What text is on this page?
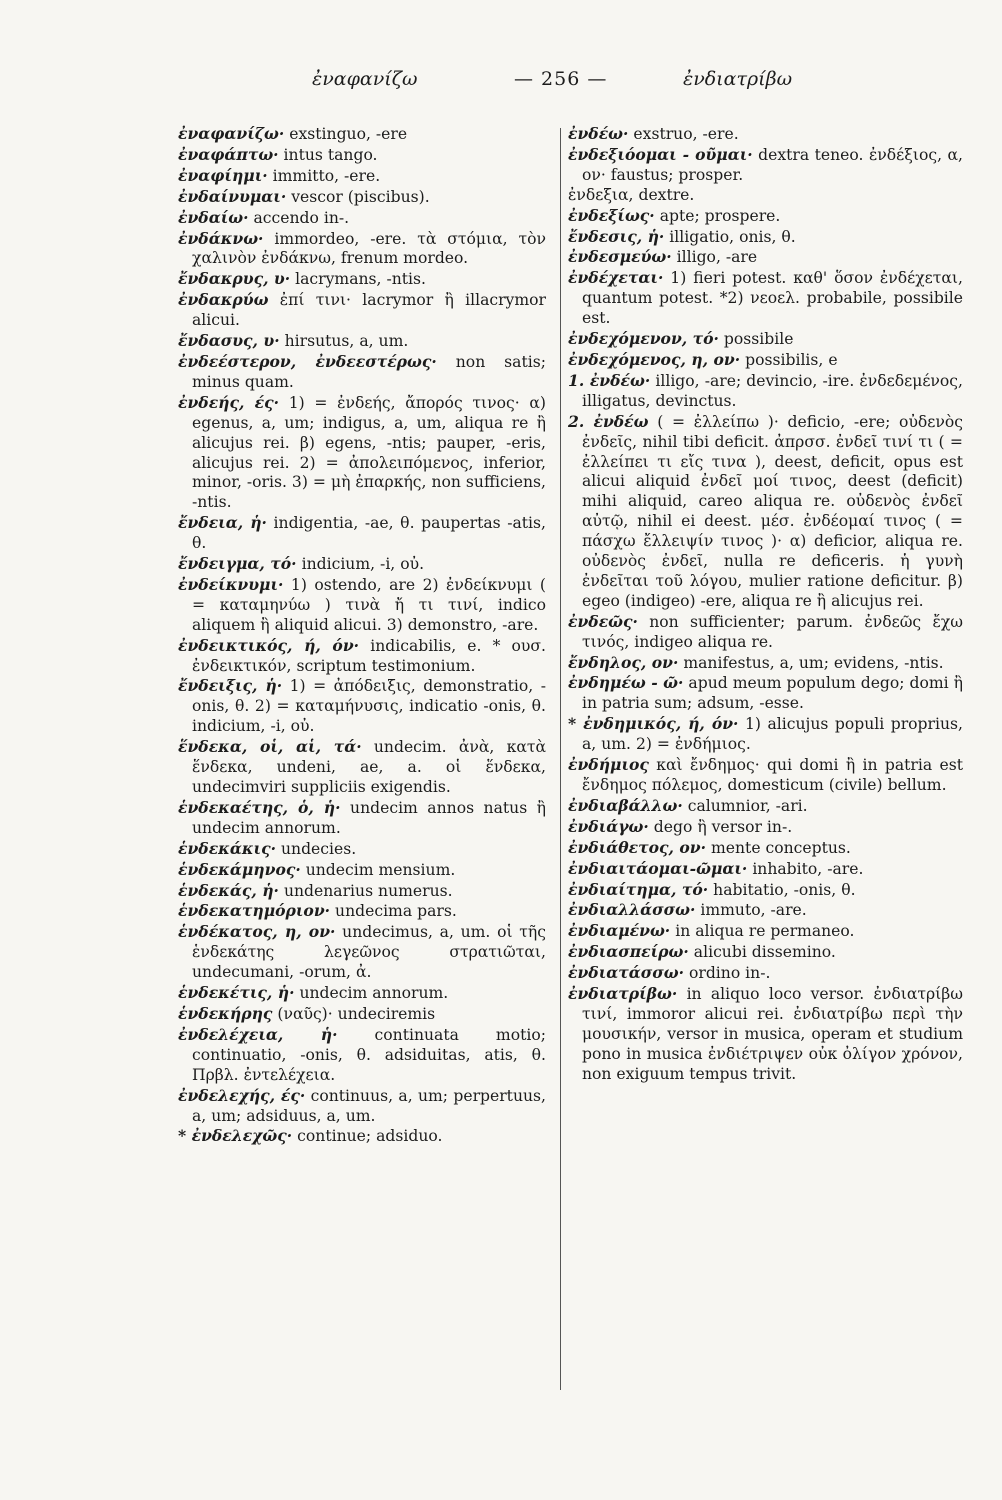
ἐναφανίζω	— 256 —	ἐνδιατρίβω

ἐναφανίζω· exstinguo, -ere

ἐναφάπτω· intus tango.

ἐναφίημι· immitto, -ere.

ἐνδαίνυμαι· vescor (piscibus).

ἐνδαίω· accendo in-.

ἐνδάκνω· immordeo, -ere. τὰ στόμια, τὸν χαλινὸν ἐνδάκνω, frenum mordeo.

ἔνδακρυς, υ· lacrymans, -ntis.

ἐνδακρύω ἐπί τινι· lacrymor ἢ illacrymor alicui.

ἔνδασυς, υ· hirsutus, a, um.

ἐνδεέστερον, ἐνδεεστέρως· non satis; minus quam.

ἐνδεής, ές· 1) = ἐνδεής, ἄπορός τινος· α) egenus, a, um; indigus, a, um, aliqua re ἢ alicujus rei. β) egens, -ntis; pauper, -eris, alicujus rei. 2) = ἀπολειπόμενος, inferior, minor, -oris. 3) = μὴ ἐπαρκής, non sufficiens, -ntis.

ἔνδεια, ἡ· indigentia, -ae, θ. paupertas -atis, θ.

ἔνδειγμα, τό· indicium, -i, οὐ.

ἐνδείκνυμι· 1) ostendo, are 2) ἐνδείκνυμι ( = καταμηνύω ) τινὰ ἤ τι τινί, indico aliquem ἢ aliquid alicui. 3) demonstro, -are.

ἐνδεικτικός, ή, όν· indicabilis, e. * ουσ. ἐνδεικτικόν, scriptum testimonium.

ἔνδειξις, ἡ· 1) = ἀπόδειξις, demonstratio, -onis, θ. 2) = καταμήνυσις, indicatio -onis, θ. indicium, -i, οὐ.

ἕνδεκα, οἱ, αἱ, τά· undecim. ἀνὰ, κατὰ ἕνδεκα, undeni, ae, a. οἱ ἕνδεκα, undecimviri suppliciis exigendis.

ἑνδεκαέτης, ὁ, ἡ· undecim annos natus ἢ undecim annorum.

ἑνδεκάκις· undecies.

ἑνδεκάμηνος· undecim mensium.

ἑνδεκάς, ἡ· undenarius numerus.

ἑνδεκατημόριον· undecima pars.

ἑνδέκατος, η, ον· undecimus, a, um. οἱ τῆς ἑνδεκάτης λεγεῶνος στρατιῶται, undecumani, -orum, ἀ.

ἑνδεκέτις, ἡ· undecim annorum.

ἑνδεκήρης (ναῦς)· undeciremis

ἐνδελέχεια, ἡ· continuata motio; continuatio, -onis, θ. adsiduitas, atis, θ. Πρβλ. ἐντελέχεια.

ἐνδελεχής, ές· continuus, a, um; perpertuus, a, um; adsiduus, a, um.

* ἐνδελεχῶς· continue; adsiduo.

ἐνδέω· exstruo, -ere.

ἐνδεξιόομαι - οῦμαι· dextra teneo. ἐνδέξιος, α, ον· faustus; prosper.

ἐνδεξια, dextre.

ἐνδεξίως· apte; prospere.

ἔνδεσις, ἡ· illigatio, onis, θ.

ἐνδεσμεύω· illigo, -are

ἐνδέχεται· 1) fieri potest. καθ' ὅσον ἐνδέχεται, quantum potest. *2) νεοελ. probabile, possibile est.

ἐνδεχόμενον, τό· possibile

ἐνδεχόμενος, η, ον· possibilis, e

1. ἐνδέω· illigo, -are; devincio, -ire. ἐνδεδεμένος, illigatus, devinctus.

2. ἐνδέω ( = ἐλλείπω )· deficio, -ere; οὐδενὸς ἐνδεῖς, nihil tibi deficit. ἀπρσσ. ἐνδεῖ τινί τι ( = ἐλλείπει τι εἴς τινα ), deest, deficit, opus est alicui aliquid ἐνδεῖ μοί τινος, deest (deficit) mihi aliquid, careo aliqua re. οὐδενὸς ἐνδεῖ αὐτῷ, nihil ei deest. μέσ. ἐνδέομαί τινος ( = πάσχω ἔλλειψίν τινος )· α) deficior, aliqua re. οὐδενὸς ἐνδεῖ, nulla re deficeris. ἡ γυνὴ ἐνδεῖται τοῦ λόγου, mulier ratione deficitur. β) egeo (indigeo) -ere, aliqua re ἢ alicujus rei.

ἐνδεῶς· non sufficienter; parum. ἐνδεῶς ἔχω τινός, indigeo aliqua re.

ἔνδηλος, ον· manifestus, a, um; evidens, -ntis.

ἐνδημέω - ῶ· apud meum populum dego; domi ἢ in patria sum; adsum, -esse.

* ἐνδημικός, ή, όν· 1) alicujus populi proprius, a, um. 2) = ἐνδήμιος.

ἐνδήμιος καὶ ἔνδημος· qui domi ἢ in patria est ἔνδημος πόλεμος, domesticum (civile) bellum.

ἐνδιαβάλλω· calumnior, -ari.

ἐνδιάγω· dego ἢ versor in-.

ἐνδιάθετος, ον· mente conceptus.

ἐνδιαιτάομαι-ῶμαι· inhabito, -are.

ἐνδιαίτημα, τό· habitatio, -onis, θ.

ἐνδιαλλάσσω· immuto, -are.

ἐνδιαμένω· in aliqua re permaneo.

ἐνδιασπείρω· alicubi dissemino.

ἐνδιατάσσω· ordino in-.

ἐνδιατρίβω· in aliquo loco versor. ἐνδιατρίβω τινί, immoror alicui rei. ἐνδιατρίβω περὶ τὴν μουσικήν, versor in musica, operam et studium pono in musica ἐνδιέτριψεν οὐκ ὀλίγον χρόνον, non exiguum tempus trivit.
